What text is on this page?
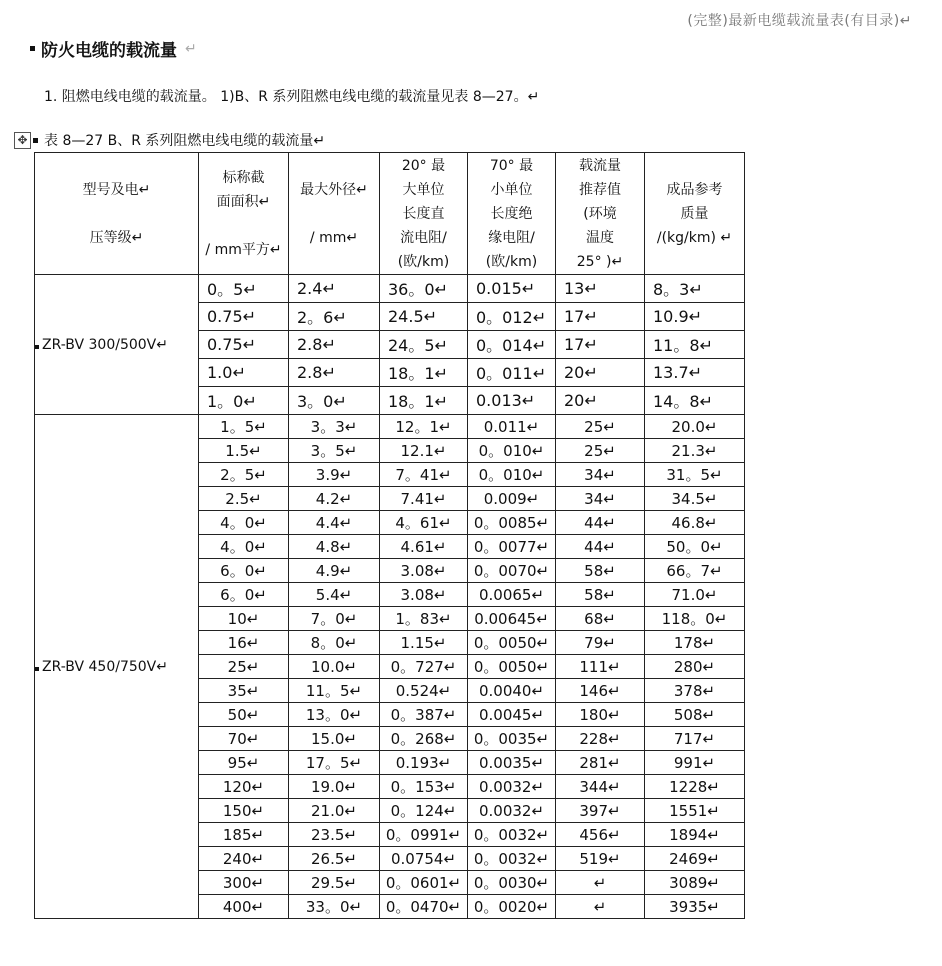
(完整)最新电缆载流量表(有目录)↵
防火电缆的载流量 ↵
1. 阻燃电线电缆的载流量。 1)B、R 系列阻燃电线电缆的载流量见表 8—27。↵
✥ 表 8—27 B、R 系列阻燃电线电缆的载流量↵
型号及电↵

压等级↵	标称截
面面积↵

/ mm平方↵	最大外径↵

/ mm↵	20° 最
大单位
长度直
流电阻/
(欧/km)	70° 最
小单位
长度绝
缘电阻/
(欧/km)	载流量
推荐值
(环境
温度
25° )↵	成品参考
质量
/(kg/km) ↵
ZR-BV 300/500V↵	0。5↵	2.4↵	36。0↵	0.015↵	13↵	8。3↵
	0.75↵	2。6↵	24.5↵	0。012↵	17↵	10.9↵
	0.75↵	2.8↵	24。5↵	0。014↵	17↵	11。8↵
	1.0↵	2.8↵	18。1↵	0。011↵	20↵	13.7↵
	1。0↵	3。0↵	18。1↵	0.013↵	20↵	14。8↵
ZR-BV 450/750V↵	1。5↵	3。3↵	12。1↵	0.011↵	25↵	20.0↵
	1.5↵	3。5↵	12.1↵	0。010↵	25↵	21.3↵
	2。5↵	3.9↵	7。41↵	0。010↵	34↵	31。5↵
	2.5↵	4.2↵	7.41↵	0.009↵	34↵	34.5↵
	4。0↵	4.4↵	4。61↵	0。0085↵	44↵	46.8↵
	4。0↵	4.8↵	4.61↵	0。0077↵	44↵	50。0↵
	6。0↵	4.9↵	3.08↵	0。0070↵	58↵	66。7↵
	6。0↵	5.4↵	3.08↵	0.0065↵	58↵	71.0↵
	10↵	7。0↵	1。83↵	0.00645↵	68↵	118。0↵
	16↵	8。0↵	1.15↵	0。0050↵	79↵	178↵
	25↵	10.0↵	0。727↵	0。0050↵	111↵	280↵
	35↵	11。5↵	0.524↵	0.0040↵	146↵	378↵
	50↵	13。0↵	0。387↵	0.0045↵	180↵	508↵
	70↵	15.0↵	0。268↵	0。0035↵	228↵	717↵
	95↵	17。5↵	0.193↵	0.0035↵	281↵	991↵
	120↵	19.0↵	0。153↵	0.0032↵	344↵	1228↵
	150↵	21.0↵	0。124↵	0.0032↵	397↵	1551↵
	185↵	23.5↵	0。0991↵	0。0032↵	456↵	1894↵
	240↵	26.5↵	0.0754↵	0。0032↵	519↵	2469↵
	300↵	29.5↵	0。0601↵	0。0030↵	↵	3089↵
	400↵	33。0↵	0。0470↵	0。0020↵	↵	3935↵
